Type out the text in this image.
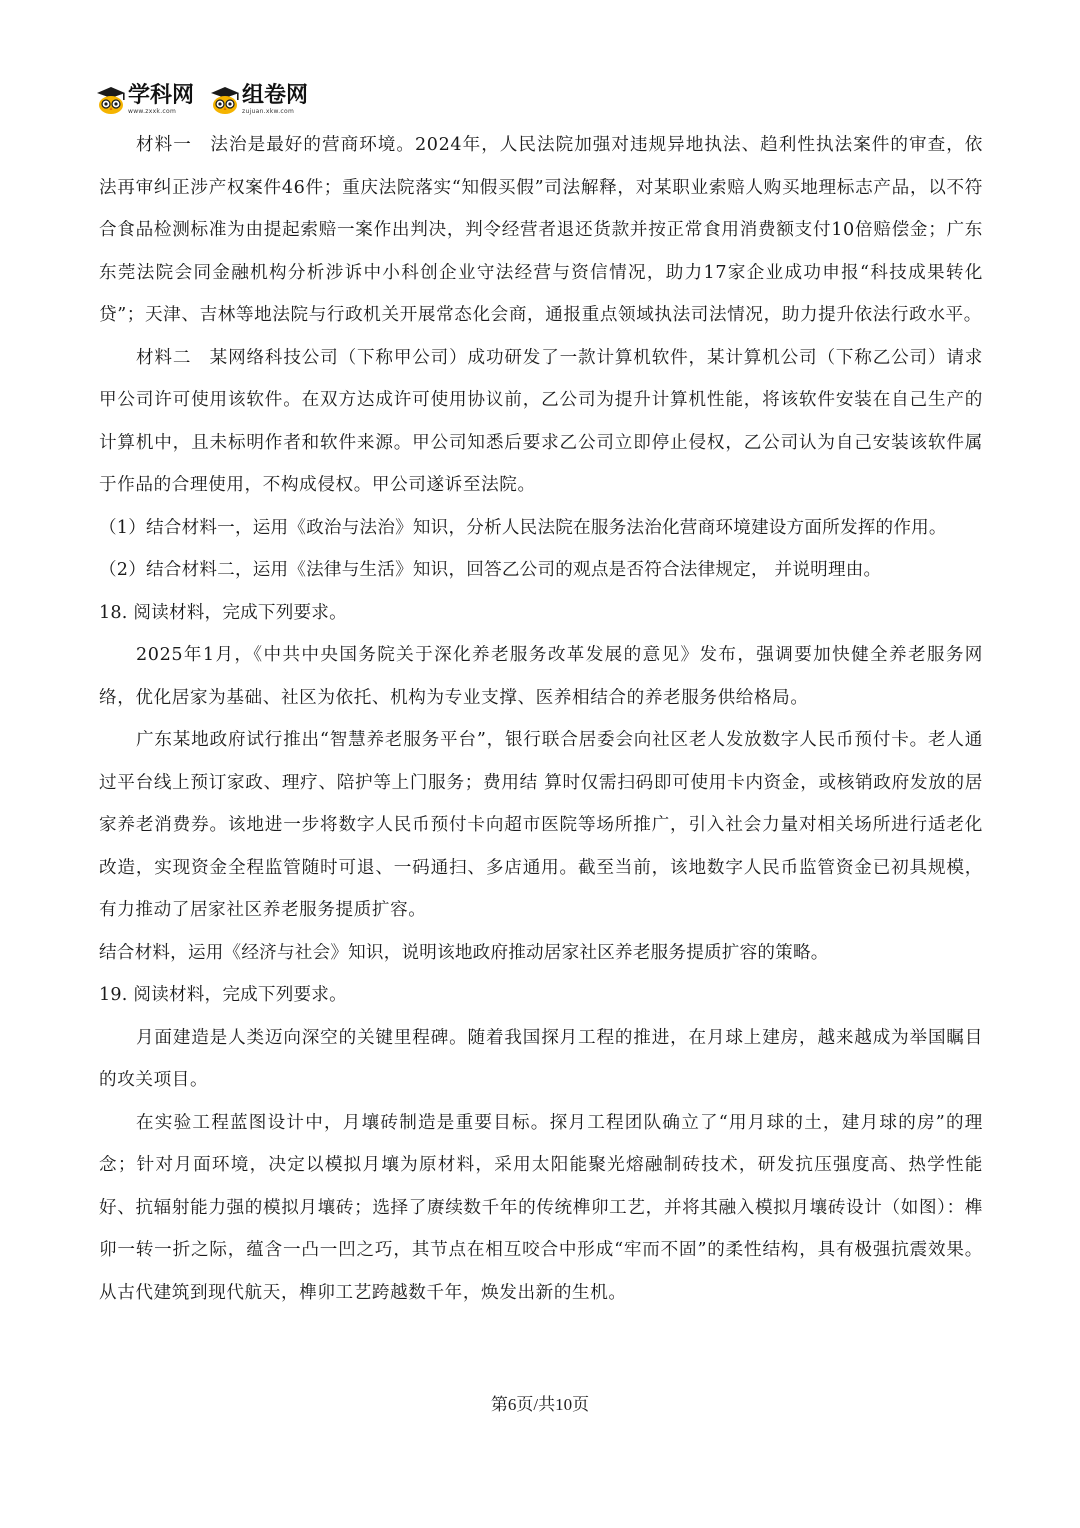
学科网
www.zxxk.com
组卷网
zujuan.xkw.com

材料一　法治是最好的营商环境。2024年，人民法院加强对违规异地执法、趋利性执法案件的审查，依法再审纠正涉产权案件46件；重庆法院落实“知假买假”司法解释，对某职业索赔人购买地理标志产品，以不符合食品检测标准为由提起索赔一案作出判决，判令经营者退还货款并按正常食用消费额支付10倍赔偿金；广东东莞法院会同金融机构分析涉诉中小科创企业守法经营与资信情况，助力17家企业成功申报“科技成果转化贷”；天津、吉林等地法院与行政机关开展常态化会商，通报重点领域执法司法情况，助力提升依法行政水平。

材料二　某网络科技公司（下称甲公司）成功研发了一款计算机软件，某计算机公司（下称乙公司）请求甲公司许可使用该软件。在双方达成许可使用协议前，乙公司为提升计算机性能，将该软件安装在自己生产的计算机中，且未标明作者和软件来源。甲公司知悉后要求乙公司立即停止侵权，乙公司认为自己安装该软件属于作品的合理使用，不构成侵权。甲公司遂诉至法院。

（1）结合材料一，运用《政治与法治》知识，分析人民法院在服务法治化营商环境建设方面所发挥的作用。

（2）结合材料二，运用《法律与生活》知识，回答乙公司的观点是否符合法律规定， 并说明理由。

18. 阅读材料，完成下列要求。

2025年1月，《中共中央国务院关于深化养老服务改革发展的意见》发布，强调要加快健全养老服务网络，优化居家为基础、社区为依托、机构为专业支撑、医养相结合的养老服务供给格局。

广东某地政府试行推出“智慧养老服务平台”，银行联合居委会向社区老人发放数字人民币预付卡。老人通过平台线上预订家政、理疗、陪护等上门服务；费用结 算时仅需扫码即可使用卡内资金，或核销政府发放的居家养老消费券。该地进一步将数字人民币预付卡向超市医院等场所推广，引入社会力量对相关场所进行适老化改造，实现资金全程监管随时可退、一码通扫、多店通用。截至当前，该地数字人民币监管资金已初具规模，有力推动了居家社区养老服务提质扩容。

结合材料，运用《经济与社会》知识，说明该地政府推动居家社区养老服务提质扩容的策略。

19. 阅读材料，完成下列要求。

月面建造是人类迈向深空的关键里程碑。随着我国探月工程的推进，在月球上建房，越来越成为举国瞩目的攻关项目。

在实验工程蓝图设计中，月壤砖制造是重要目标。探月工程团队确立了“用月球的土，建月球的房”的理念；针对月面环境，决定以模拟月壤为原材料，采用太阳能聚光熔融制砖技术，研发抗压强度高、热学性能好、抗辐射能力强的模拟月壤砖；选择了赓续数千年的传统榫卯工艺，并将其融入模拟月壤砖设计（如图）：榫卯一转一折之际，蕴含一凸一凹之巧，其节点在相互咬合中形成“牢而不固”的柔性结构，具有极强抗震效果。从古代建筑到现代航天，榫卯工艺跨越数千年，焕发出新的生机。

第6页/共10页
